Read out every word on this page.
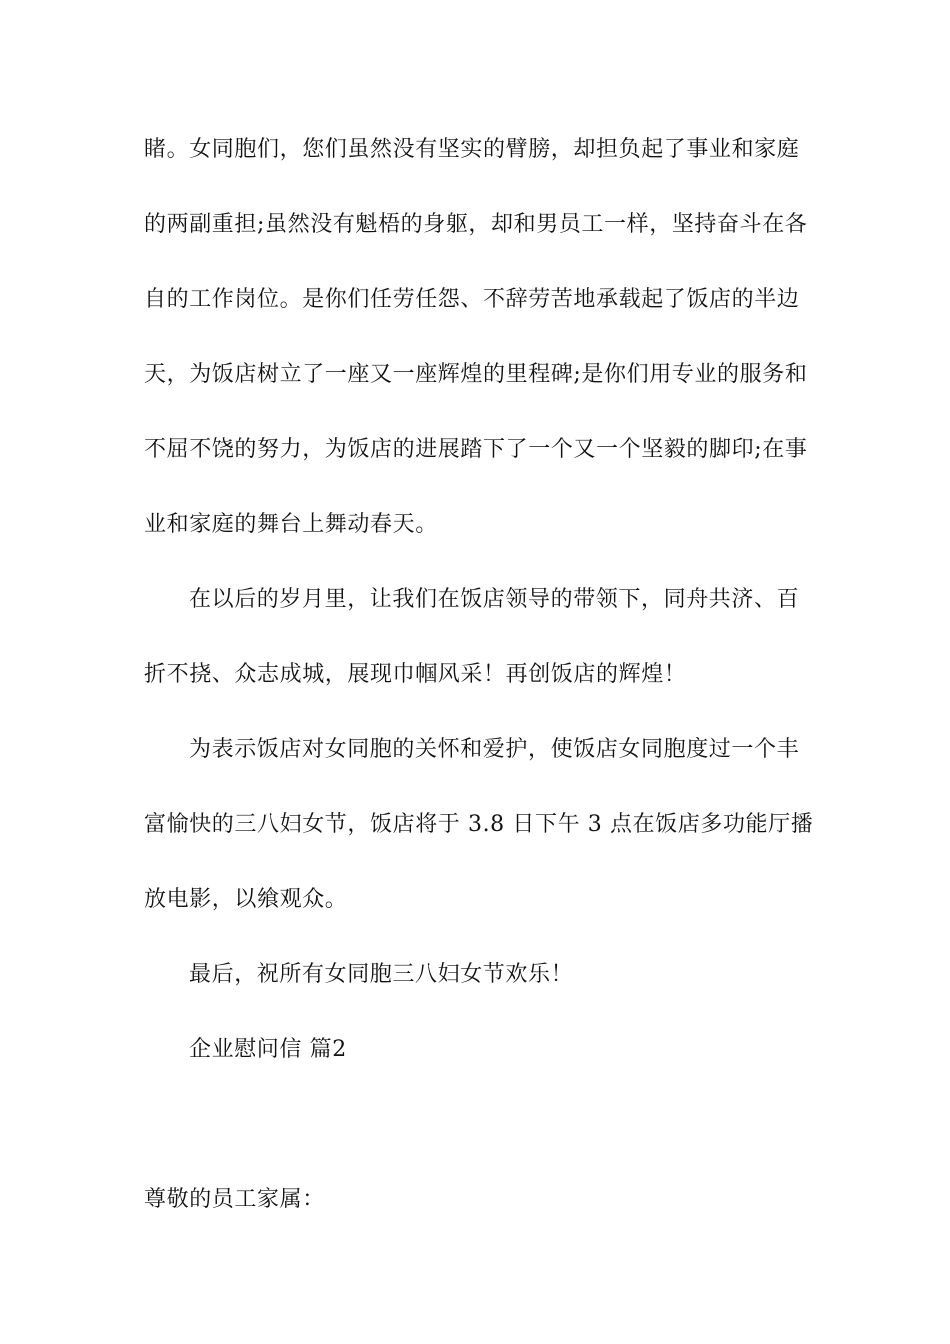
睹。女同胞们，您们虽然没有坚实的臂膀，却担负起了事业和家庭
的两副重担;虽然没有魁梧的身躯，却和男员工一样，坚持奋斗在各
自的工作岗位。是你们任劳任怨、不辞劳苦地承载起了饭店的半边
天，为饭店树立了一座又一座辉煌的里程碑;是你们用专业的服务和
不屈不饶的努力，为饭店的进展踏下了一个又一个坚毅的脚印;在事
业和家庭的舞台上舞动春天。
在以后的岁月里，让我们在饭店领导的带领下，同舟共济、百
折不挠、众志成城，展现巾帼风采！再创饭店的辉煌！
为表示饭店对女同胞的关怀和爱护，使饭店女同胞度过一个丰
富愉快的三八妇女节，饭店将于 3.8 日下午 3 点在饭店多功能厅播
放电影，以飨观众。
最后，祝所有女同胞三八妇女节欢乐！
企业慰问信 篇2
尊敬的员工家属：
